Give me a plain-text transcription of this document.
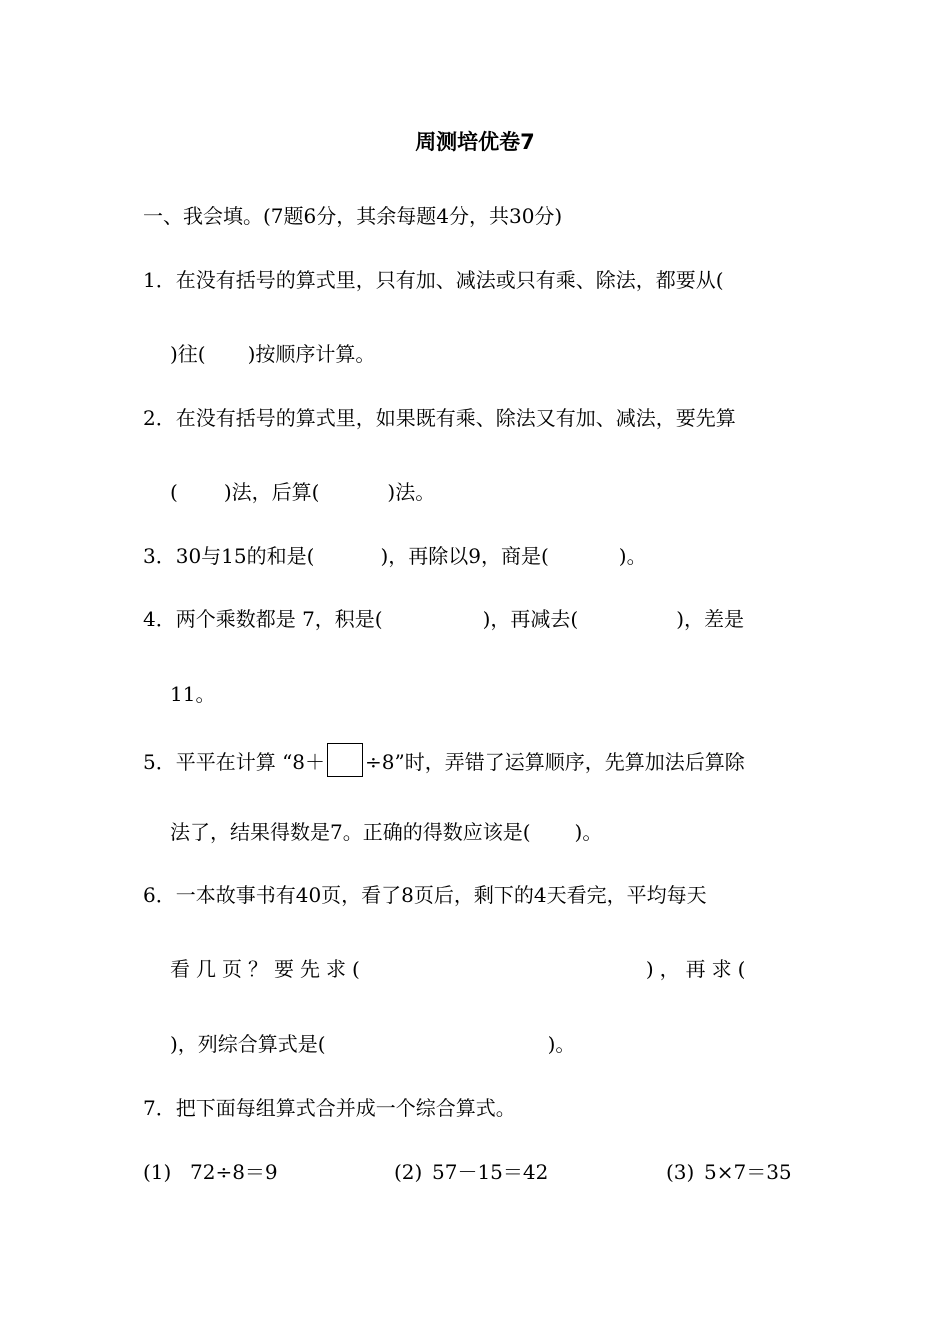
周测培优卷7
一、我会填。(7题6分，其余每题4分，共30分)
1．在没有括号的算式里，只有加、减法或只有乘、除法，都要从(
)往( )按顺序计算。
2．在没有括号的算式里，如果既有乘、除法又有加、减法，要先算
( )法，后算(	)法。
3．30与15的和是(	)，再除以9，商是(	)。
4．两个乘数都是 7，积是(	)，再减去(	)，差是
11。
5．平平在计算 “8＋ ÷8”时，弄错了运算顺序，先算加法后算除
法了，结果得数是7。正确的得数应该是( )。
6．一本故事书有40页，看了8页后，剩下的4天看完，平均每天
看几页？要先求(	)，再求(
)，列综合算式是(	)。
7．把下面每组算式合并成一个综合算式。
(1) 72÷8＝9	(2) 57－15＝42	(3) 5×7＝35
